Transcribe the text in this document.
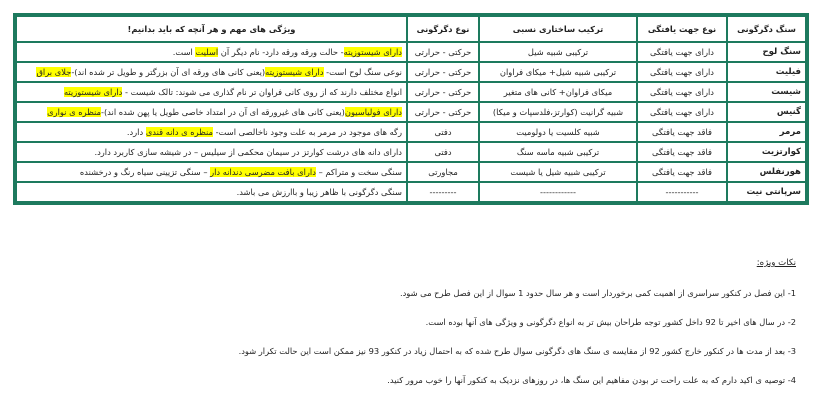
سنگ دگرگونی	نوع جهت یافتگی	ترکیب ساختاری نسبی	نوع دگرگونی	ویژگی های مهم و هر آنچه که باید بدانیم!
سنگ لوح	دارای جهت یافتگی	ترکیبی شبیه شیل	حرکتی - حرارتی	دارای شیستوزیته- حالت ورقه ورقه دارد- نام دیگر آن اسلیت است.
فیلیت	دارای جهت یافتگی	ترکیبی شبیه شیل+ میکای فراوان	حرکتی - حرارتی	نوعی سنگ لوح است- دارای شیستوزیته(یعنی کانی های ورقه ای آن بزرگتر و طویل تر شده اند)-جلای براق
شیست	دارای جهت یافتگی	میکای فراوان+ کانی های متغیر	حرکتی - حرارتی	انواع مختلف دارند که از روی کانی فراوان تر نام گذاری می شوند: تالک شیست - دارای شیستوزیته
گنیس	دارای جهت یافتگی	شبیه گرانیت (کوارتز،فلدسپات و میکا)	حرکتی - حرارتی	دارای فولیاسیون(یعنی کانی های غیرورقه ای آن در امتداد خاصی طویل یا پهن شده اند)-منظره ی نواری
مرمر	فاقد جهت یافتگی	شبیه کلسیت یا دولومیت	دفتی	رگه های موجود در مرمر به علت وجود ناخالصی است- منظره ی دانه قندی دارد.
کوارتزیت	فاقد جهت یافتگی	ترکیبی شبیه ماسه سنگ	دفتی	دارای دانه های درشت کوارتز در سیمان محکمی از سیلیس – در شیشه سازی کاربرد دارد.
هورنفلس	فاقد جهت یافتگی	ترکیبی شبیه شیل یا شیست	مجاورتی	سنگی سخت و متراکم – دارای بافت مضرسی دندانه دار – سنگی تزیینی سیاه رنگ و درخشنده
سرپانتی نیت	-----------	------------	---------	سنگی دگرگونی با ظاهر زیبا و باارزش می باشد.
نکات ویژه:

1- این فصل در کنکور سراسری از اهمیت کمی برخوردار است و هر سال حدود 1 سوال از این فصل طرح می شود.

2- در سال های اخیر تا 92 داخل کشور توجه طراحان بیش تر به انواع دگرگونی و ویژگی های آنها بوده است.

3- بعد از مدت ها در کنکور خارج کشور 92 از مقایسه ی سنگ های دگرگونی سوال طرح شده که به احتمال زیاد در کنکور 93 نیز ممکن است این حالت تکرار شود.

4- توصیه ی اکید دارم که به علت راحت تر بودن مفاهیم این سنگ ها، در روزهای نزدیک به کنکور آنها را خوب مرور کنید.
